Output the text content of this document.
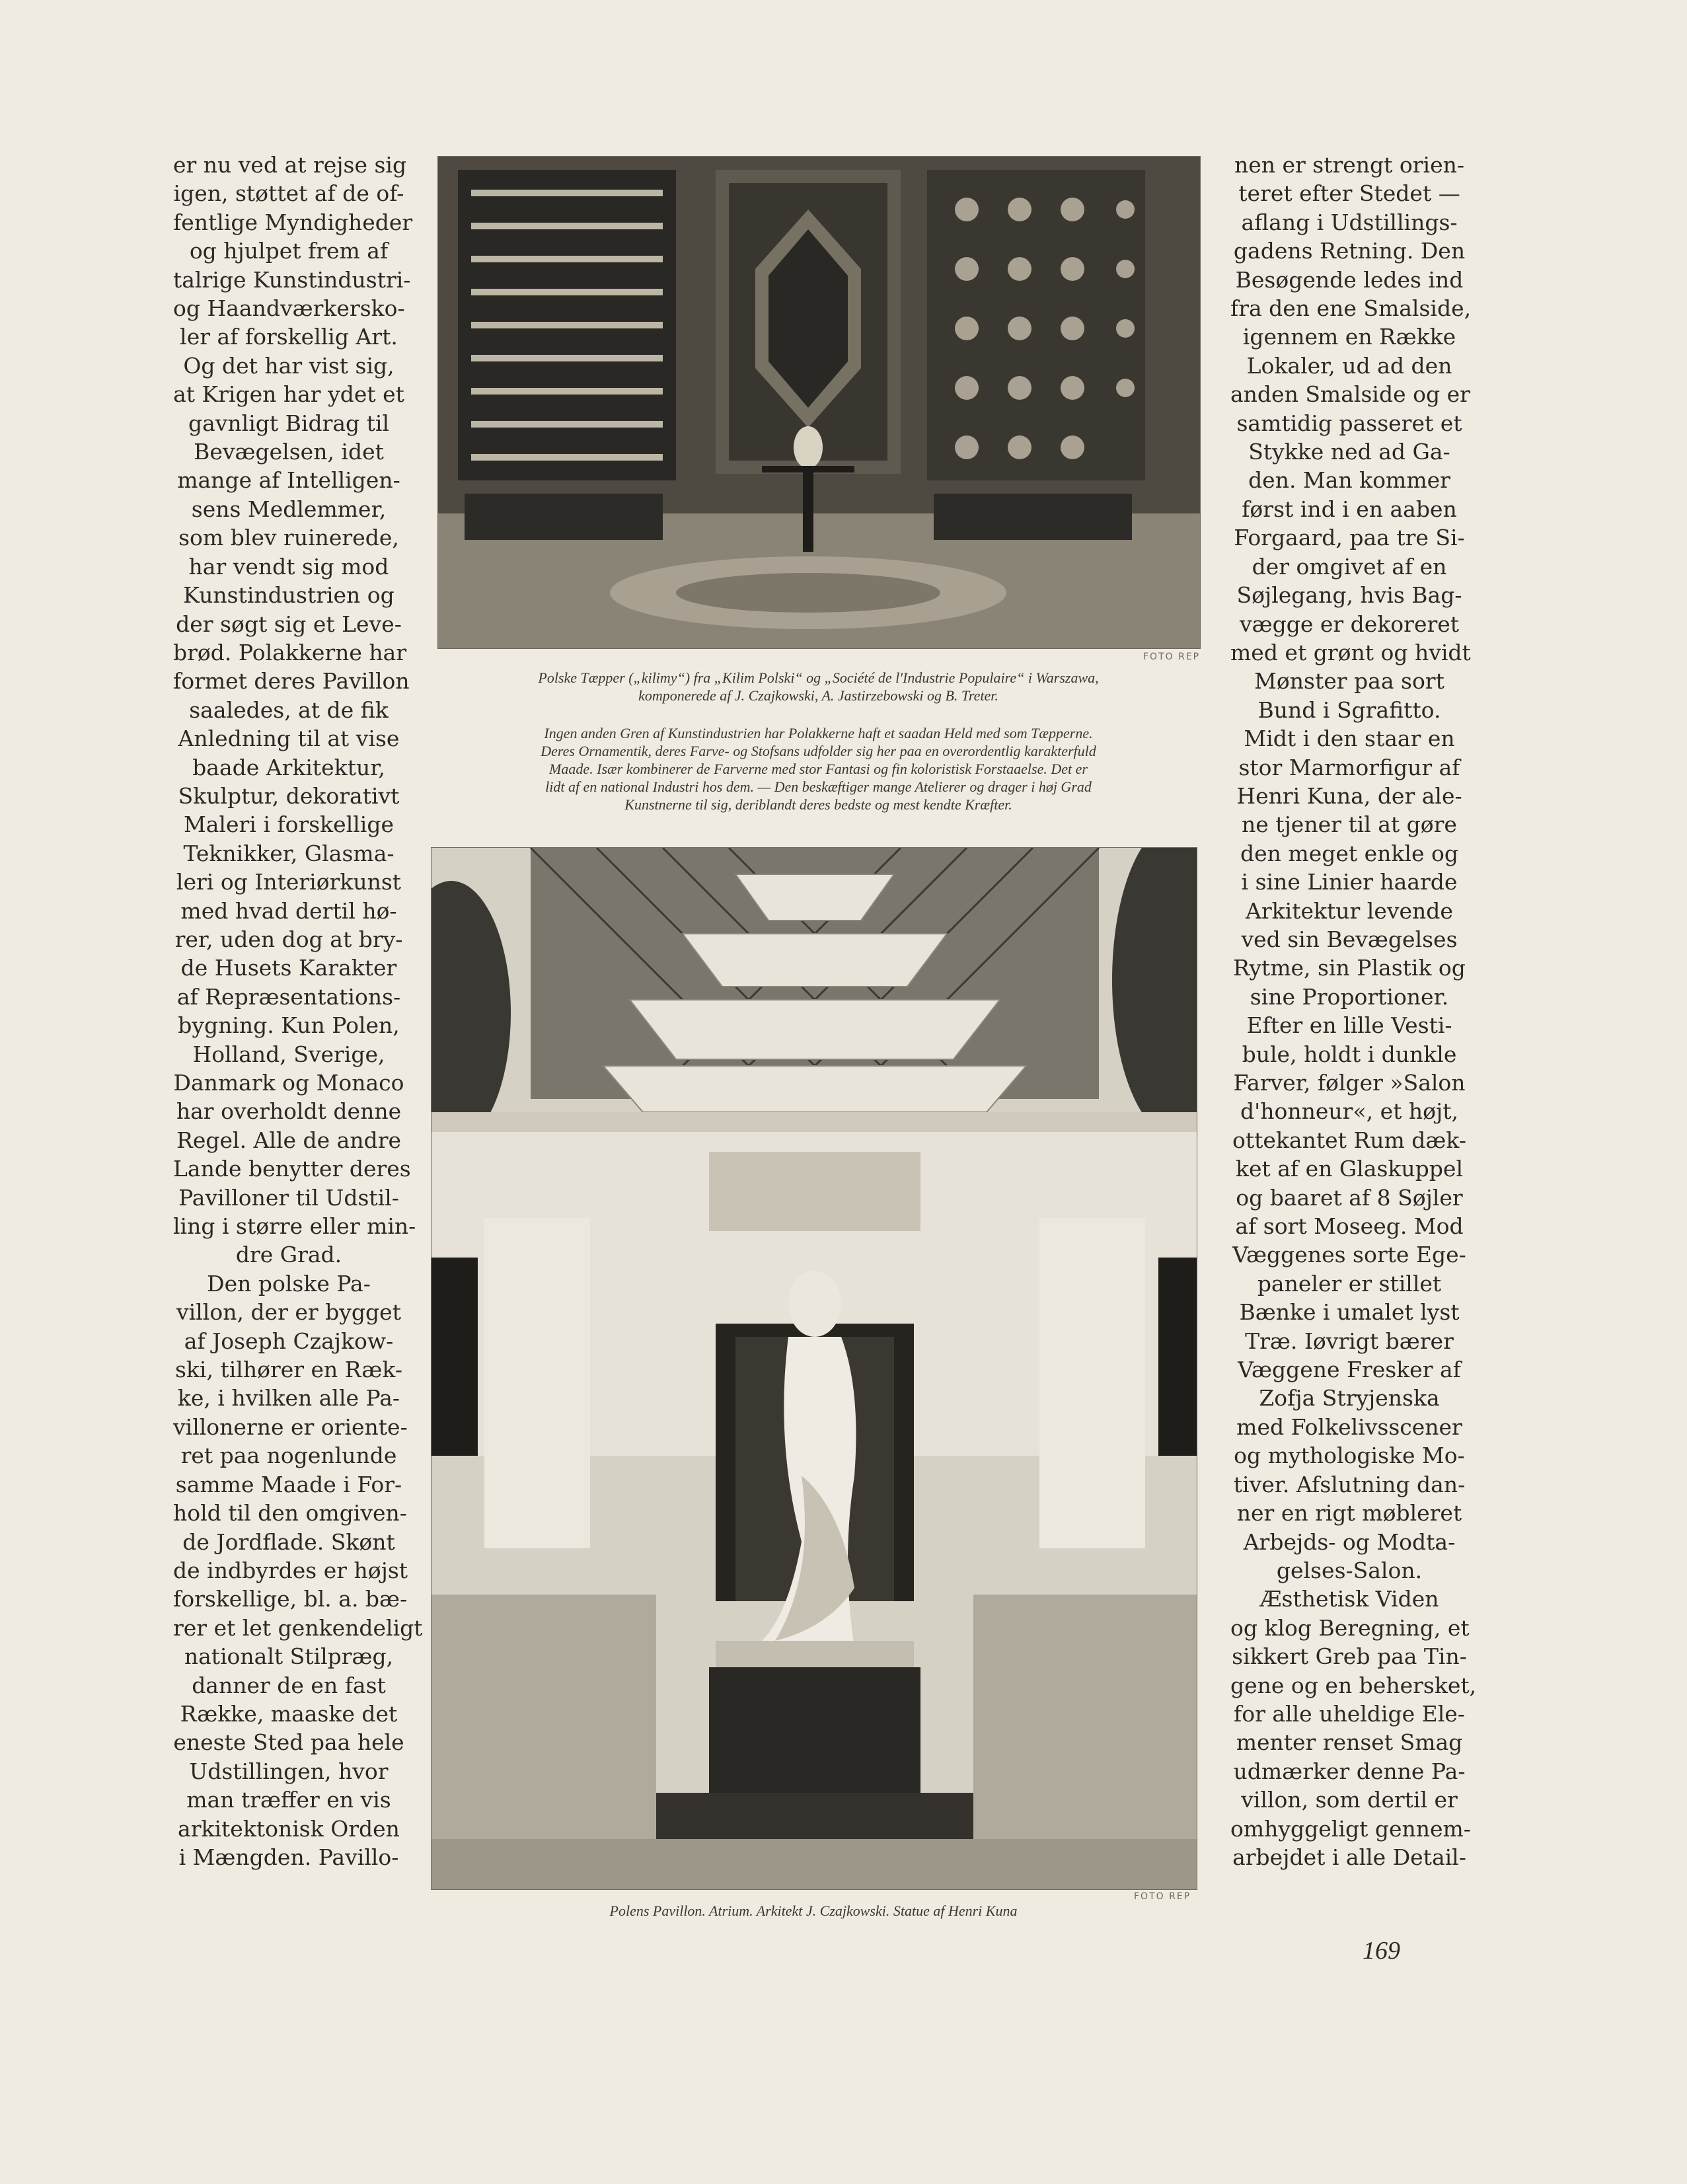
er nu ved at rejse sig
igen, støttet af de of-
fentlige Myndigheder
og hjulpet frem af
talrige Kunstindustri-
og Haandværkersko-
ler af forskellig Art.
Og det har vist sig,
at Krigen har ydet et
gavnligt Bidrag til
Bevægelsen, idet
mange af Intelligen-
sens Medlemmer,
som blev ruinerede,
har vendt sig mod
Kunstindustrien og
der søgt sig et Leve-
brød. Polakkerne har
formet deres Pavillon
saaledes, at de fik
Anledning til at vise
baade Arkitektur,
Skulptur, dekorativt
Maleri i forskellige
Teknikker, Glasma-
leri og Interiørkunst
med hvad dertil hø-
rer, uden dog at bry-
de Husets Karakter
af Repræsentations-
bygning. Kun Polen,
Holland, Sverige,
Danmark og Monaco
har overholdt denne
Regel. Alle de andre
Lande benytter deres
Pavilloner til Udstil-
ling i større eller min-
dre Grad.
Den polske Pa-
villon, der er bygget
af Joseph Czajkow-
ski, tilhører en Ræk-
ke, i hvilken alle Pa-
villonerne er oriente-
ret paa nogenlunde
samme Maade i For-
hold til den omgiven-
de Jordflade. Skønt
de indbyrdes er højst
forskellige, bl. a. bæ-
rer et let genkendeligt
nationalt Stilpræg,
danner de en fast
Række, maaske det
eneste Sted paa hele
Udstillingen, hvor
man træffer en vis
arkitektonisk Orden
i Mængden. Pavillo-
FOTO REP
Polske Tæpper („kilimy“) fra „Kilim Polski“ og „Société de l'Industrie Populaire“ i Warszawa,
komponerede af J. Czajkowski, A. Jastirzebowski og B. Treter.
Ingen anden Gren af Kunstindustrien har Polakkerne haft et saadan Held med som Tæpperne.
Deres Ornamentik, deres Farve- og Stofsans udfolder sig her paa en overordentlig karakterfuld
Maade. Især kombinerer de Farverne med stor Fantasi og fin koloristisk Forstaaelse. Det er
lidt af en national Industri hos dem. — Den beskæftiger mange Atelierer og drager i høj Grad
Kunstnerne til sig, deriblandt deres bedste og mest kendte Kræfter.
FOTO REP
Polens Pavillon. Atrium. Arkitekt J. Czajkowski. Statue af Henri Kuna
nen er strengt orien-
teret efter Stedet —
aflang i Udstillings-
gadens Retning. Den
Besøgende ledes ind
fra den ene Smalside,
igennem en Række
Lokaler, ud ad den
anden Smalside og er
samtidig passeret et
Stykke ned ad Ga-
den. Man kommer
først ind i en aaben
Forgaard, paa tre Si-
der omgivet af en
Søjlegang, hvis Bag-
vægge er dekoreret
med et grønt og hvidt
Mønster paa sort
Bund i Sgrafitto.
Midt i den staar en
stor Marmorfigur af
Henri Kuna, der ale-
ne tjener til at gøre
den meget enkle og
i sine Linier haarde
Arkitektur levende
ved sin Bevægelses
Rytme, sin Plastik og
sine Proportioner.
Efter en lille Vesti-
bule, holdt i dunkle
Farver, følger »Salon
d'honneur«, et højt,
ottekantet Rum dæk-
ket af en Glaskuppel
og baaret af 8 Søjler
af sort Moseeg. Mod
Væggenes sorte Ege-
paneler er stillet
Bænke i umalet lyst
Træ. Iøvrigt bærer
Væggene Fresker af
Zofja Stryjenska
med Folkelivsscener
og mythologiske Mo-
tiver. Afslutning dan-
ner en rigt møbleret
Arbejds- og Modta-
gelses-Salon.
Æsthetisk Viden
og klog Beregning, et
sikkert Greb paa Tin-
gene og en behersket,
for alle uheldige Ele-
menter renset Smag
udmærker denne Pa-
villon, som dertil er
omhyggeligt gennem-
arbejdet i alle Detail-
169
